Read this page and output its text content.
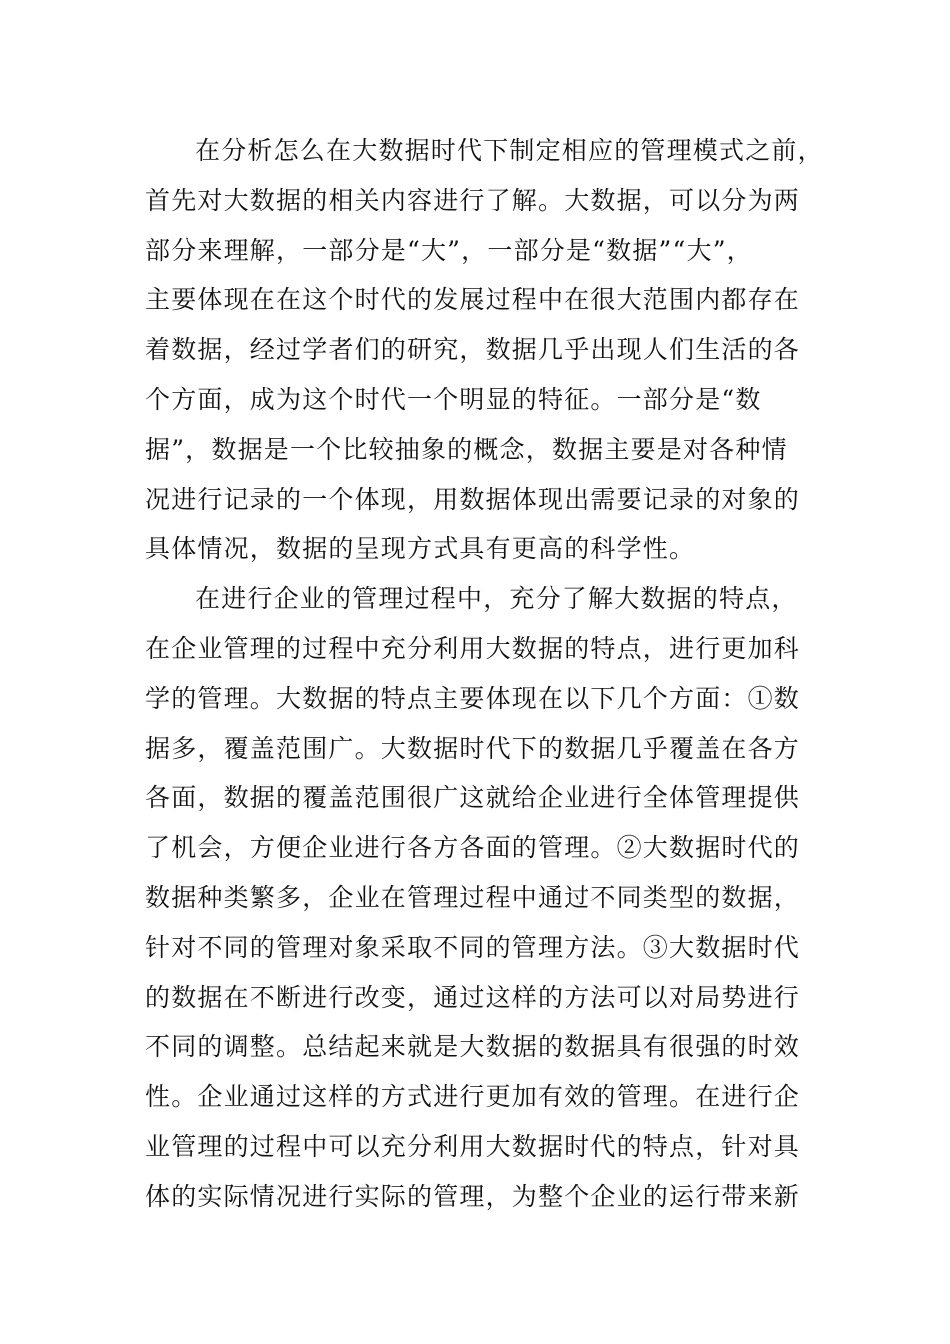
在分析怎么在大数据时代下制定相应的管理模式之前，
首先对大数据的相关内容进行了解。大数据，可以分为两
部分来理解，一部分是“大”，一部分是“数据”“大”，
主要体现在在这个时代的发展过程中在很大范围内都存在
着数据，经过学者们的研究，数据几乎出现人们生活的各
个方面，成为这个时代一个明显的特征。一部分是“数
据”，数据是一个比较抽象的概念，数据主要是对各种情
况进行记录的一个体现，用数据体现出需要记录的对象的
具体情况，数据的呈现方式具有更高的科学性。
在进行企业的管理过程中，充分了解大数据的特点，
在企业管理的过程中充分利用大数据的特点，进行更加科
学的管理。大数据的特点主要体现在以下几个方面：①数
据多，覆盖范围广。大数据时代下的数据几乎覆盖在各方
各面，数据的覆盖范围很广这就给企业进行全体管理提供
了机会，方便企业进行各方各面的管理。②大数据时代的
数据种类繁多，企业在管理过程中通过不同类型的数据，
针对不同的管理对象采取不同的管理方法。③大数据时代
的数据在不断进行改变，通过这样的方法可以对局势进行
不同的调整。总结起来就是大数据的数据具有很强的时效
性。企业通过这样的方式进行更加有效的管理。在进行企
业管理的过程中可以充分利用大数据时代的特点，针对具
体的实际情况进行实际的管理，为整个企业的运行带来新
